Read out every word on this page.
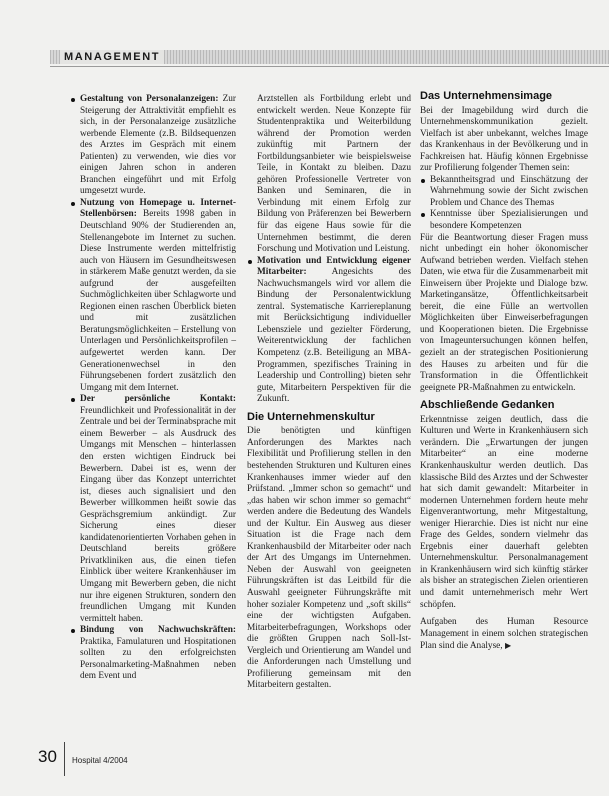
MANAGEMENT
Gestaltung von Personalanzeigen: Zur Steigerung der Attraktivität empfiehlt es sich, in der Personalanzeige zusätzliche werbende Elemente (z.B. Bildsequenzen des Arztes im Gespräch mit einem Patienten) zu verwenden, wie dies vor einigen Jahren schon in anderen Branchen eingeführt und mit Erfolg umgesetzt wurde.
Nutzung von Homepage u. Internet-Stellenbörsen: Bereits 1998 gaben in Deutschland 90% der Studierenden an, Stellenangebote im Internet zu suchen. Diese Instrumente werden mittelfristig auch von Häusern im Gesundheitswesen in stärkerem Maße genutzt werden, da sie aufgrund der ausgefeilten Suchmöglichkeiten über Schlagworte und Regionen einen raschen Überblick bieten und mit zusätzlichen Beratungsmöglichkeiten – Erstellung von Unterlagen und Persönlichkeitsprofilen – aufgewertet werden kann. Der Generationenwechsel in den Führungsebenen fordert zusätzlich den Umgang mit dem Internet.
Der persönliche Kontakt: Freundlichkeit und Professionalität in der Zentrale und bei der Terminabsprache mit einem Bewerber – als Ausdruck des Umgangs mit Menschen – hinterlassen den ersten wichtigen Eindruck bei Bewerbern. Dabei ist es, wenn der Eingang über das Konzept unterrichtet ist, dieses auch signalisiert und den Bewerber willkommen heißt sowie das Gesprächsgremium ankündigt. Zur Sicherung eines dieser kandidatenorientierten Vorhaben gehen in Deutschland bereits größere Privatkliniken aus, die einen tiefen Einblick über weitere Krankenhäuser im Umgang mit Bewerbern geben, die nicht nur ihre eigenen Strukturen, sondern den freundlichen Umgang mit Kunden vermittelt haben.
Bindung von Nachwuchskräften: Praktika, Famulaturen und Hospitationen sollten zu den erfolgreichsten Personalmarketing-Maßnahmen neben dem Event und

Arztstellen als Fortbildung erlebt und entwickelt werden. Neue Konzepte für Studentenpraktika und Weiterbildung während der Promotion werden zukünftig mit Partnern der Fortbildungsanbieter wie beispielsweise Teile, in Kontakt zu bleiben. Dazu gehören Professionelle Vertreter von Banken und Seminaren, die in Verbindung mit einem Erfolg zur Bildung von Präferenzen bei Bewerbern für das eigene Haus sowie für die Unternehmen bestimmt, die deren Forschung und Motivation und Leistung.

Motivation und Entwicklung eigener Mitarbeiter: Angesichts des Nachwuchsmangels wird vor allem die Bindung der Personalentwicklung zentral. Systematische Karriereplanung mit Berücksichtigung individueller Lebensziele und gezielter Förderung, Weiterentwicklung der fachlichen Kompetenz (z.B. Beteiligung an MBA-Programmen, spezifisches Training in Leadership und Controlling) bieten sehr gute, Mitarbeitern Perspektiven für die Zukunft.
Die Unternehmenskultur

Die benötigten und künftigen Anforderungen des Marktes nach Flexibilität und Profilierung stellen in den bestehenden Strukturen und Kulturen eines Krankenhauses immer wieder auf den Prüfstand. „Immer schon so gemacht“ und „das haben wir schon immer so gemacht“ werden andere die Bedeutung des Wandels und der Kultur. Ein Ausweg aus dieser Situation ist die Frage nach dem Krankenhausbild der Mitarbeiter oder nach der Art des Umgangs im Unternehmen. Neben der Auswahl von geeigneten Führungskräften ist das Leitbild für die Auswahl geeigneter Führungskräfte mit hoher sozialer Kompetenz und „soft skills“ eine der wichtigsten Aufgaben. Mitarbeiterbefragungen, Workshops oder die größten Gruppen nach Soll-Ist-Vergleich und Orientierung am Wandel und die Anforderungen nach Umstellung und Profilierung gemeinsam mit den Mitarbeitern gestalten.

Das Unternehmensimage

Bei der Imagebildung wird durch die Unternehmenskommunikation gezielt. Vielfach ist aber unbekannt, welches Image das Krankenhaus in der Bevölkerung und in Fachkreisen hat. Häufig können Ergebnisse zur Profilierung folgender Themen sein:

Bekanntheitsgrad und Einschätzung der Wahrnehmung sowie der Sicht zwischen Problem und Chance des Themas
Kenntnisse über Spezialisierungen und besondere Kompetenzen

Für die Beantwortung dieser Fragen muss nicht unbedingt ein hoher ökonomischer Aufwand betrieben werden. Vielfach stehen Daten, wie etwa für die Zusammenarbeit mit Einweisern über Projekte und Dialoge bzw. Marketingansätze, Öffentlichkeitsarbeit bereit, die eine Fülle an wertvollen Möglichkeiten über Einweiserbefragungen und Kooperationen bieten. Die Ergebnisse von Imageuntersuchungen können helfen, gezielt an der strategischen Positionierung des Hauses zu arbeiten und für die Transformation in die Öffentlichkeit geeignete PR-Maßnahmen zu entwickeln.

Abschließende Gedanken

Erkenntnisse zeigen deutlich, dass die Kulturen und Werte in Krankenhäusern sich verändern. Die „Erwartungen der jungen Mitarbeiter“ an eine moderne Krankenhauskultur werden deutlich. Das klassische Bild des Arztes und der Schwester hat sich damit gewandelt: Mitarbeiter in modernen Unternehmen fordern heute mehr Eigenverantwortung, mehr Mitgestaltung, weniger Hierarchie. Dies ist nicht nur eine Frage des Geldes, sondern vielmehr das Ergebnis einer dauerhaft gelebten Unternehmenskultur. Personalmanagement in Krankenhäusern wird sich künftig stärker als bisher an strategischen Zielen orientieren und damit unternehmerisch mehr Wert schöpfen.

Aufgaben des Human Resource Management in einem solchen strategischen Plan sind die Analyse, ▶

30 Hospital 4/2004
